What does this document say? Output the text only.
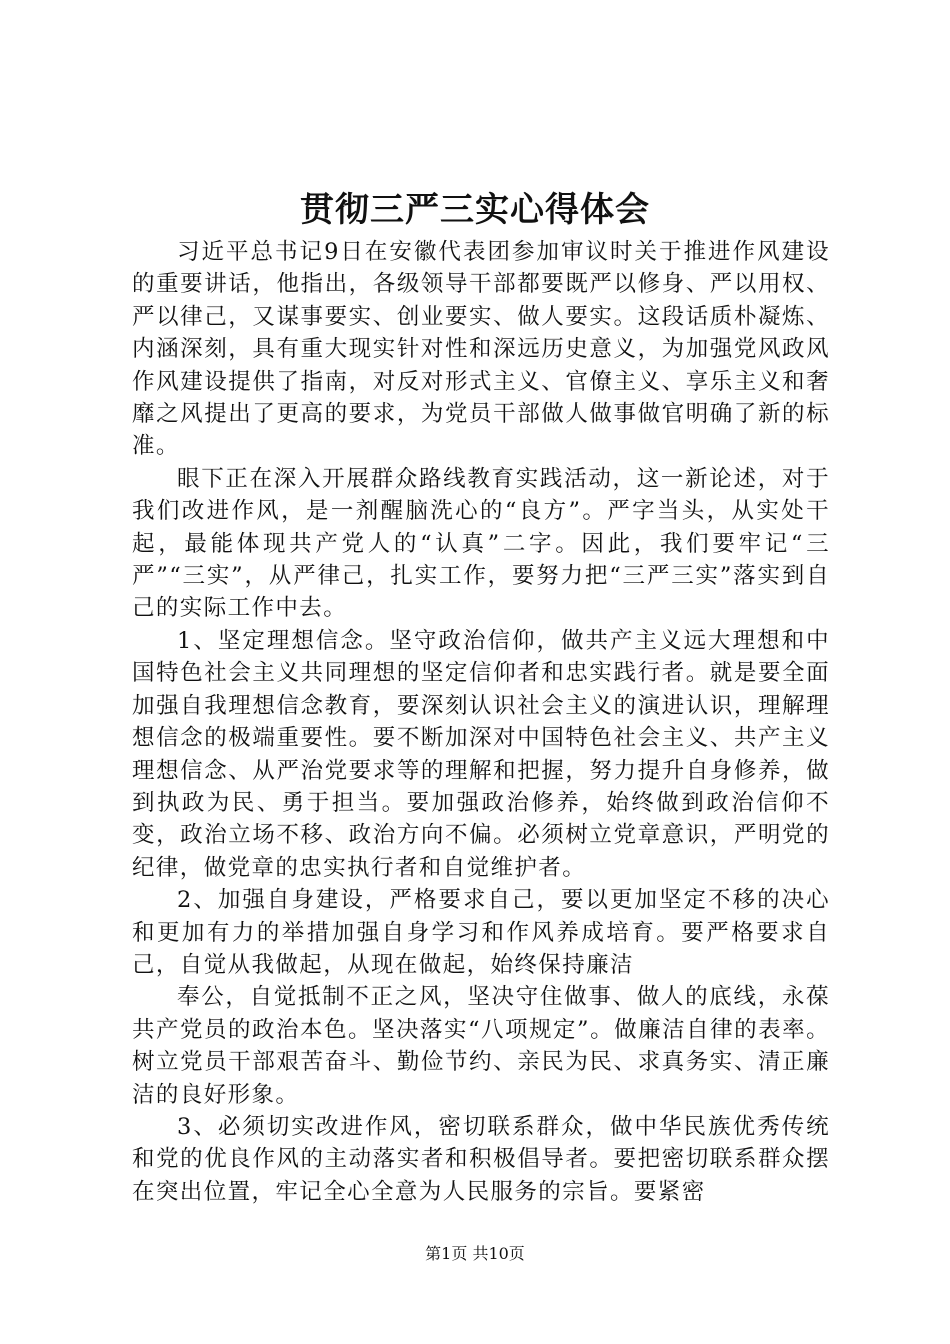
贯彻三严三实心得体会

习近平总书记9日在安徽代表团参加审议时关于推进作风建设的重要讲话，他指出，各级领导干部都要既严以修身、严以用权、严以律己，又谋事要实、创业要实、做人要实。这段话质朴凝炼、内涵深刻，具有重大现实针对性和深远历史意义，为加强党风政风作风建设提供了指南，对反对形式主义、官僚主义、享乐主义和奢靡之风提出了更高的要求，为党员干部做人做事做官明确了新的标准。

眼下正在深入开展群众路线教育实践活动，这一新论述，对于我们改进作风，是一剂醒脑洗心的“良方”。严字当头，从实处干起，最能体现共产党人的“认真”二字。因此，我们要牢记“三严”“三实”，从严律己，扎实工作，要努力把“三严三实”落实到自己的实际工作中去。

1、坚定理想信念。坚守政治信仰，做共产主义远大理想和中国特色社会主义共同理想的坚定信仰者和忠实践行者。就是要全面加强自我理想信念教育，要深刻认识社会主义的演进认识，理解理想信念的极端重要性。要不断加深对中国特色社会主义、共产主义理想信念、从严治党要求等的理解和把握，努力提升自身修养，做到执政为民、勇于担当。要加强政治修养，始终做到政治信仰不变，政治立场不移、政治方向不偏。必须树立党章意识，严明党的纪律，做党章的忠实执行者和自觉维护者。

2、加强自身建设，严格要求自己，要以更加坚定不移的决心和更加有力的举措加强自身学习和作风养成培育。要严格要求自己，自觉从我做起，从现在做起，始终保持廉洁

奉公，自觉抵制不正之风，坚决守住做事、做人的底线，永葆共产党员的政治本色。坚决落实“八项规定”。做廉洁自律的表率。树立党员干部艰苦奋斗、勤俭节约、亲民为民、求真务实、清正廉洁的良好形象。

3、必须切实改进作风，密切联系群众，做中华民族优秀传统和党的优良作风的主动落实者和积极倡导者。要把密切联系群众摆在突出位置，牢记全心全意为人民服务的宗旨。要紧密

第1页 共10页
